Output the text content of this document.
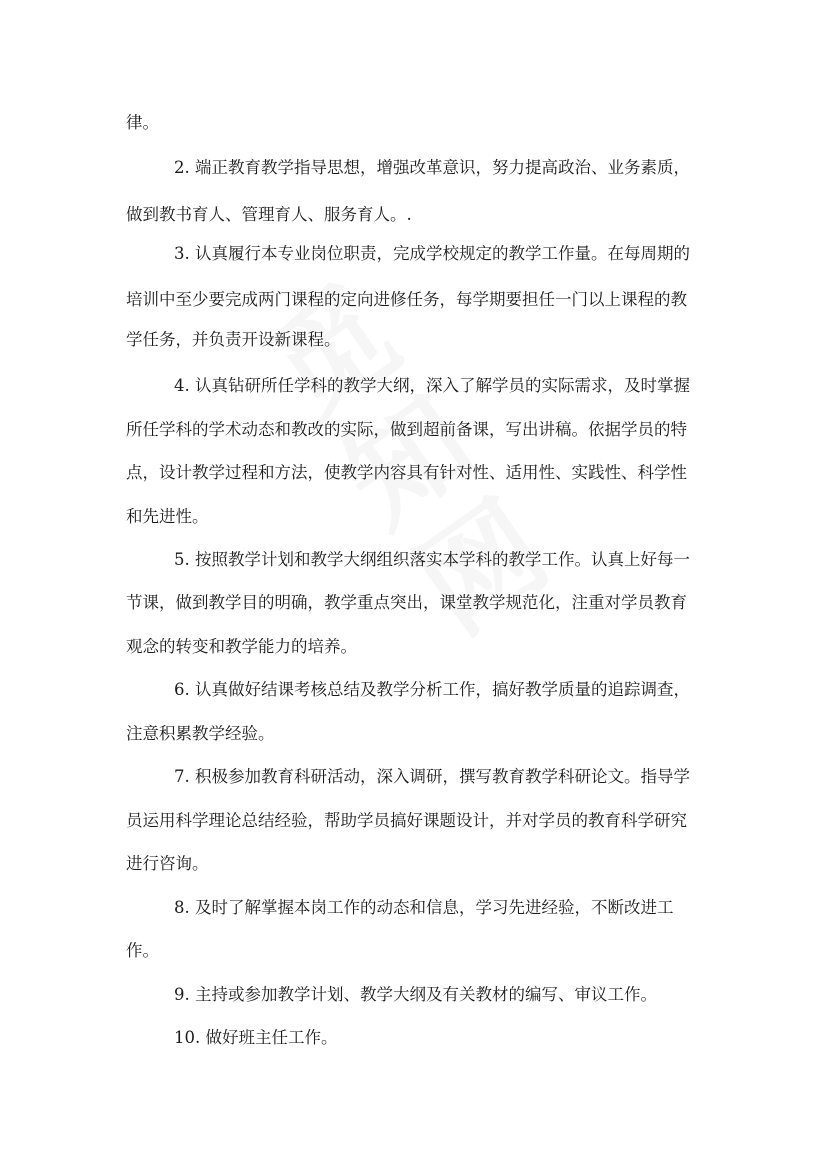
律。
2. 端正教育教学指导思想，增强改革意识，努力提高政治、业务素质，
做到教书育人、管理育人、服务育人。.
3. 认真履行本专业岗位职责，完成学校规定的教学工作量。在每周期的
培训中至少要完成两门课程的定向进修任务，每学期要担任一门以上课程的教
学任务，并负责开设新课程。
4. 认真钻研所任学科的教学大纲，深入了解学员的实际需求，及时掌握
所任学科的学术动态和教改的实际，做到超前备课，写出讲稿。依据学员的特
点，设计教学过程和方法，使教学内容具有针对性、适用性、实践性、科学性
和先进性。
5. 按照教学计划和教学大纲组织落实本学科的教学工作。认真上好每一
节课，做到教学目的明确，教学重点突出，课堂教学规范化，注重对学员教育
观念的转变和教学能力的培养。
6. 认真做好结课考核总结及教学分析工作，搞好教学质量的追踪调查，
注意积累教学经验。
7. 积极参加教育科研活动，深入调研，撰写教育教学科研论文。指导学
员运用科学理论总结经验，帮助学员搞好课题设计，并对学员的教育科学研究
进行咨询。
8. 及时了解掌握本岗工作的动态和信息，学习先进经验，不断改进工
作。
9. 主持或参加教学计划、教学大纲及有关教材的编写、审议工作。
10. 做好班主任工作。
